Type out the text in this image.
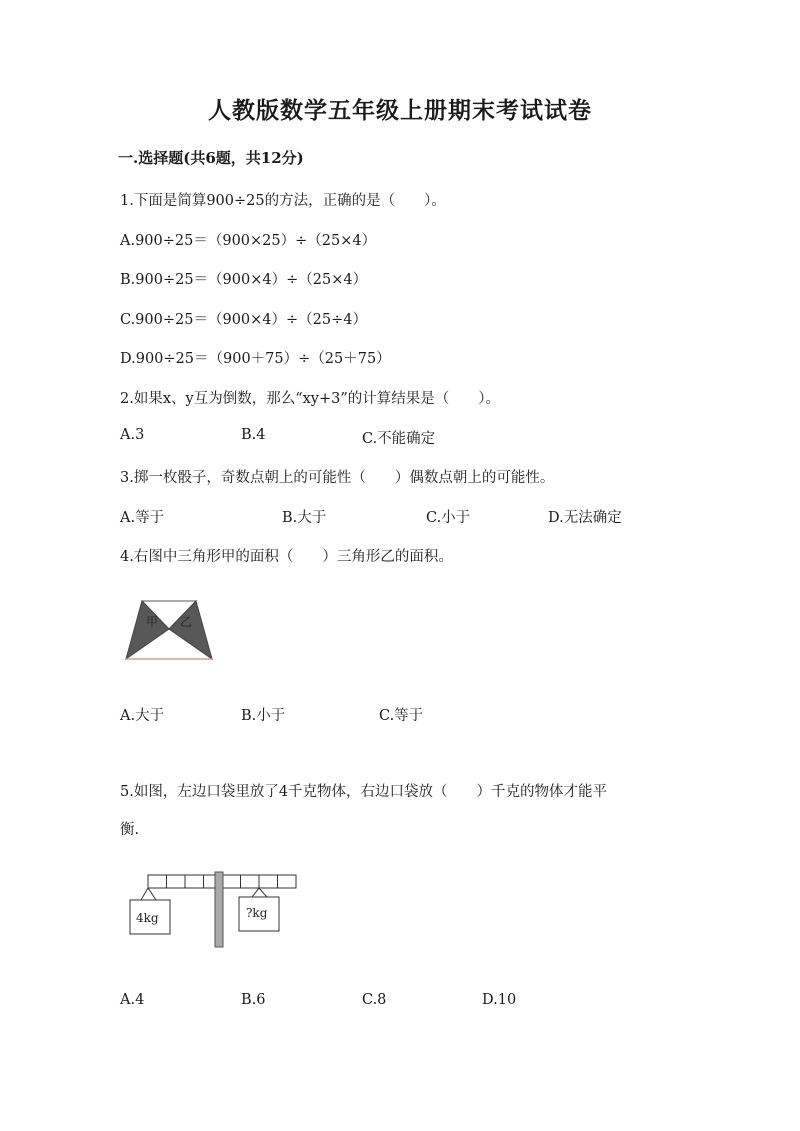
人教版数学五年级上册期末考试试卷
一.选择题(共6题，共12分)
1.下面是简算900÷25的方法，正确的是（　　）。
A.900÷25＝（900×25）÷（25×4）
B.900÷25＝（900×4）÷（25×4）
C.900÷25＝（900×4）÷（25÷4）
D.900÷25＝（900＋75）÷（25＋75）
2.如果x、y互为倒数，那么“xy+3”的计算结果是（　　）。
A.3	B.4	C.不能确定
3.掷一枚骰子，奇数点朝上的可能性（　　）偶数点朝上的可能性。
A.等于	B.大于	C.小于	D.无法确定
4.右图中三角形甲的面积（　　）三角形乙的面积。
甲 乙
A.大于	B.小于	C.等于
5.如图，左边口袋里放了4千克物体，右边口袋放（　　）千克的物体才能平
衡.
4kg	?kg
A.4	B.6	C.8	D.10
